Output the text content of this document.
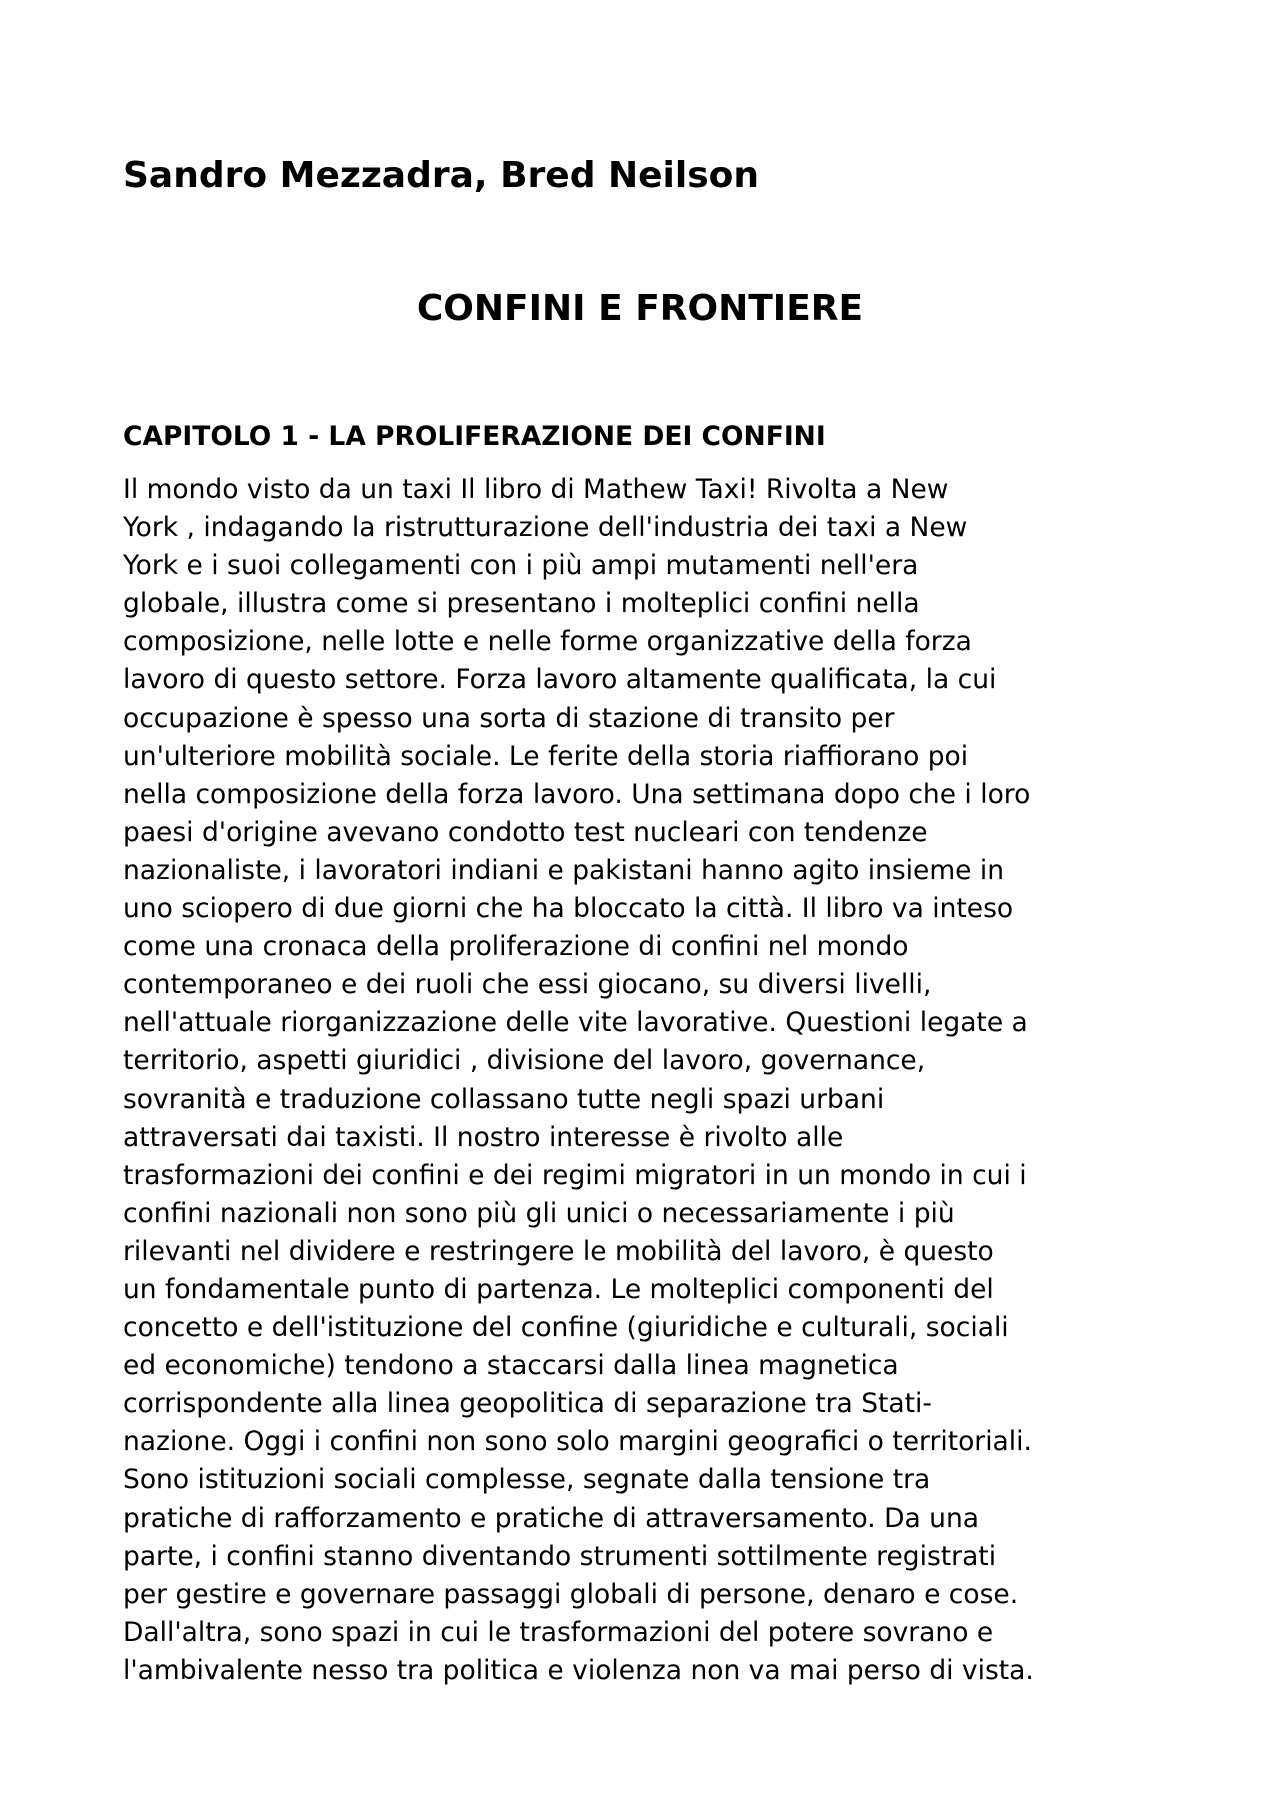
Sandro Mezzadra, Bred Neilson
CONFINI E FRONTIERE
CAPITOLO 1 - LA PROLIFERAZIONE DEI CONFINI

Il mondo visto da un taxi Il libro di Mathew Taxi! Rivolta a New
York , indagando la ristrutturazione dell'industria dei taxi a New
York e i suoi collegamenti con i più ampi mutamenti nell'era
globale, illustra come si presentano i molteplici confini nella
composizione, nelle lotte e nelle forme organizzative della forza
lavoro di questo settore. Forza lavoro altamente qualificata, la cui
occupazione è spesso una sorta di stazione di transito per
un'ulteriore mobilità sociale. Le ferite della storia riaffiorano poi
nella composizione della forza lavoro. Una settimana dopo che i loro
paesi d'origine avevano condotto test nucleari con tendenze
nazionaliste, i lavoratori indiani e pakistani hanno agito insieme in
uno sciopero di due giorni che ha bloccato la città. Il libro va inteso
come una cronaca della proliferazione di confini nel mondo
contemporaneo e dei ruoli che essi giocano, su diversi livelli,
nell'attuale riorganizzazione delle vite lavorative. Questioni legate a
territorio, aspetti giuridici , divisione del lavoro, governance,
sovranità e traduzione collassano tutte negli spazi urbani
attraversati dai taxisti. Il nostro interesse è rivolto alle
trasformazioni dei confini e dei regimi migratori in un mondo in cui i
confini nazionali non sono più gli unici o necessariamente i più
rilevanti nel dividere e restringere le mobilità del lavoro, è questo
un fondamentale punto di partenza. Le molteplici componenti del
concetto e dell'istituzione del confine (giuridiche e culturali, sociali
ed economiche) tendono a staccarsi dalla linea magnetica
corrispondente alla linea geopolitica di separazione tra Stati-
nazione. Oggi i confini non sono solo margini geografici o territoriali.
Sono istituzioni sociali complesse, segnate dalla tensione tra
pratiche di rafforzamento e pratiche di attraversamento. Da una
parte, i confini stanno diventando strumenti sottilmente registrati
per gestire e governare passaggi globali di persone, denaro e cose.
Dall'altra, sono spazi in cui le trasformazioni del potere sovrano e
l'ambivalente nesso tra politica e violenza non va mai perso di vista.
